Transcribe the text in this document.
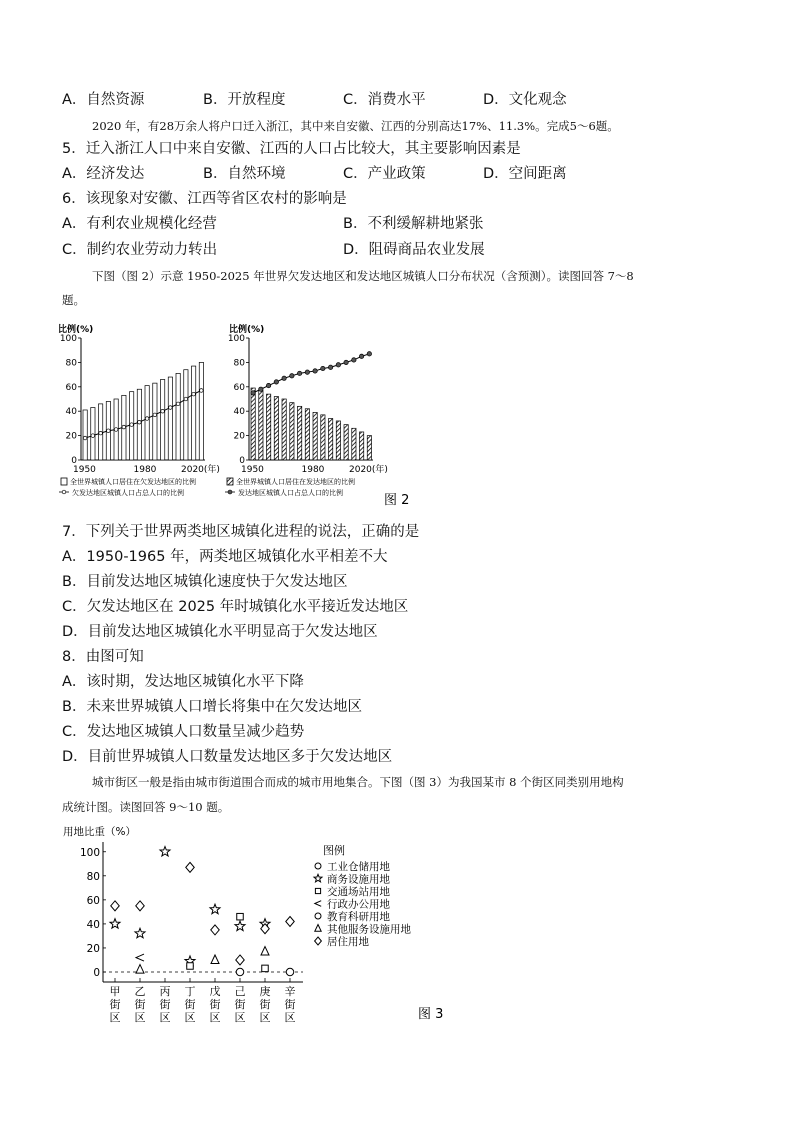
A．自然资源	B．开放程度	C．消费水平	D．文化观念
2020 年，有28万余人将户口迁入浙江，其中来自安徽、江西的分别高达17%、11.3%。完成5～6题。
5．迁入浙江人口中来自安徽、江西的人口占比较大，其主要影响因素是
A．经济发达	B．自然环境	C．产业政策	D．空间距离
6．该现象对安徽、江西等省区农村的影响是
A．有利农业规模化经营	B．不利缓解耕地紧张
C．制约农业劳动力转出	D．阻碍商品农业发展
下图（图 2）示意 1950-2025 年世界欠发达地区和发达地区城镇人口分布状况（含预测）。读图回答 7～8
题。
比例(%)	比例(%)
0
20
40
60
80
100
1950	1980	2020(年)
0
20
40
60
80
100
1950	1980	2020(年)
全世界城镇人口居住在欠发达地区的比例
欠发达地区城镇人口占总人口的比例
全世界城镇人口居住在发达地区的比例
发达地区城镇人口占总人口的比例	图 2
7．下列关于世界两类地区城镇化进程的说法，正确的是
A．1950-1965 年，两类地区城镇化水平相差不大
B．目前发达地区城镇化速度快于欠发达地区
C．欠发达地区在 2025 年时城镇化水平接近发达地区
D．目前发达地区城镇化水平明显高于欠发达地区
8．由图可知
A．该时期，发达地区城镇化水平下降
B．未来世界城镇人口增长将集中在欠发达地区
C．发达地区城镇人口数量呈减少趋势
D．目前世界城镇人口数量发达地区多于欠发达地区
城市街区一般是指由城市街道围合而成的城市用地集合。下图（图 3）为我国某市 8 个街区同类别用地构
成统计图。读图回答 9～10 题。
用地比重（%）
0
20
40
60
80
100
甲
街
区
乙
街
区
丙
街
区
丁
街
区
戊
街
区
己
街
区
庚
街
区
辛
街
区
图例
工业仓储用地
商务设施用地
交通场站用地
行政办公用地
教育科研用地
其他服务设施用地
居住用地
图 3
